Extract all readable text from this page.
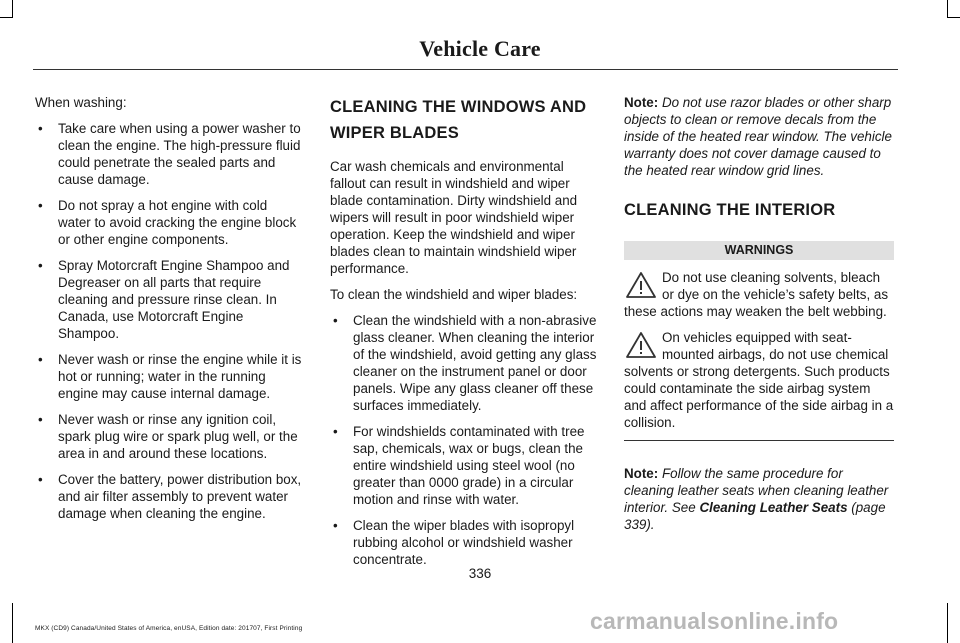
Vehicle Care

When washing:

• Take care when using a power washer to clean the engine. The high-pressure fluid could penetrate the sealed parts and cause damage.
• Do not spray a hot engine with cold water to avoid cracking the engine block or other engine components.
• Spray Motorcraft Engine Shampoo and Degreaser on all parts that require cleaning and pressure rinse clean. In Canada, use Motorcraft Engine Shampoo.
• Never wash or rinse the engine while it is hot or running; water in the running engine may cause internal damage.
• Never wash or rinse any ignition coil, spark plug wire or spark plug well, or the area in and around these locations.
• Cover the battery, power distribution box, and air filter assembly to prevent water damage when cleaning the engine.
CLEANING THE WINDOWS AND
WIPER BLADES

Car wash chemicals and environmental fallout can result in windshield and wiper blade contamination. Dirty windshield and wipers will result in poor windshield wiper operation. Keep the windshield and wiper blades clean to maintain windshield wiper performance.

To clean the windshield and wiper blades:

• Clean the windshield with a non-abrasive glass cleaner. When cleaning the interior of the windshield, avoid getting any glass cleaner on the instrument panel or door panels. Wipe any glass cleaner off these surfaces immediately.
• For windshields contaminated with tree sap, chemicals, wax or bugs, clean the entire windshield using steel wool (no greater than 0000 grade) in a circular motion and rinse with water.
• Clean the wiper blades with isopropyl rubbing alcohol or windshield washer concentrate.

Note: Do not use razor blades or other sharp objects to clean or remove decals from the inside of the heated rear window. The vehicle warranty does not cover damage caused to the heated rear window grid lines.

CLEANING THE INTERIOR
WARNINGS
Do not use cleaning solvents, bleach or dye on the vehicle’s safety belts, as these actions may weaken the belt webbing.
On vehicles equipped with seat-mounted airbags, do not use chemical solvents or strong detergents. Such products could contaminate the side airbag system and affect performance of the side airbag in a collision.

Note: Follow the same procedure for cleaning leather seats when cleaning leather interior. See Cleaning Leather Seats (page 339).

336
MKX (CD9) Canada/United States of America, enUSA, Edition date: 201707, First Printing	carmanualsonline.info
